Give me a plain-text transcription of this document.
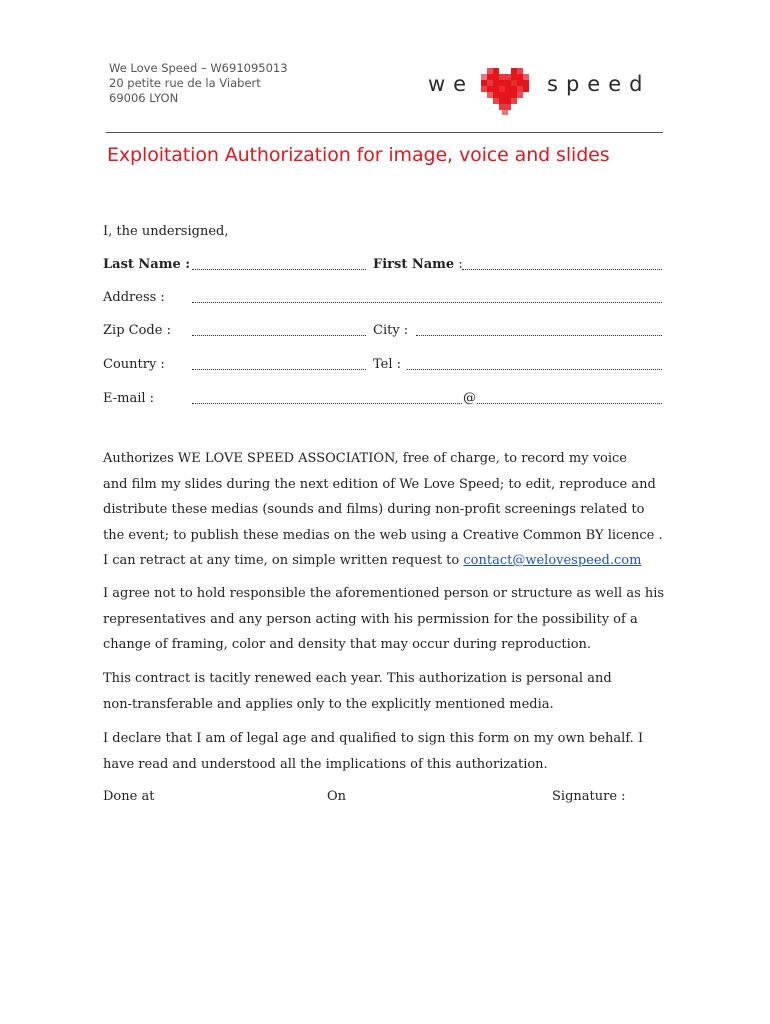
We Love Speed – W691095013
20 petite rue de la Viabert
69006 LYON
we	speed
Exploitation Authorization for image, voice and slides
I, the undersigned,
Last Name :	First Name :
Address :
Zip Code :	City :
Country :	Tel :
E-mail :	@
Authorizes WE LOVE SPEED ASSOCIATION, free of charge, to record my voice
and film my slides during the next edition of We Love Speed; to edit, reproduce and
distribute these medias (sounds and films) during non-profit screenings related to
the event; to publish these medias on the web using a Creative Common BY licence .
I can retract at any time, on simple written request to contact@welovespeed.com
I agree not to hold responsible the aforementioned person or structure as well as his
representatives and any person acting with his permission for the possibility of a
change of framing, color and density that may occur during reproduction.
This contract is tacitly renewed each year. This authorization is personal and
non-transferable and applies only to the explicitly mentioned media.
I declare that I am of legal age and qualified to sign this form on my own behalf. I
have read and understood all the implications of this authorization.
Done at	On	Signature :
